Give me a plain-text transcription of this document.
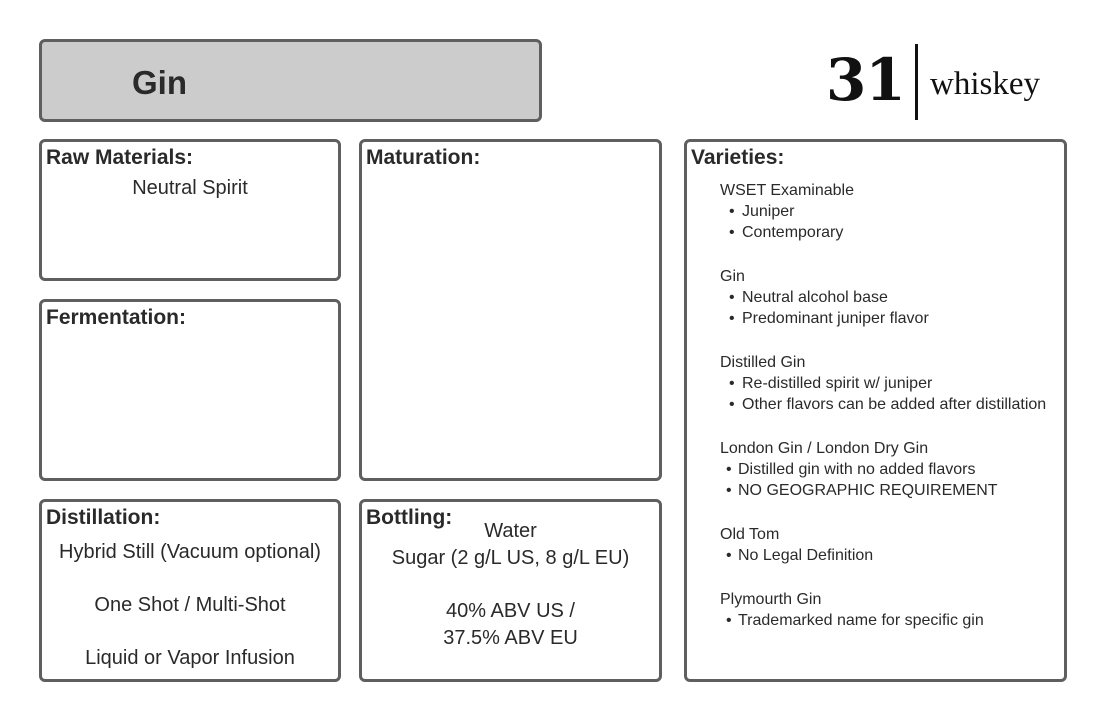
Gin	31 whiskey
Raw Materials:
Neutral Spirit
Fermentation:
Distillation:
Hybrid Still (Vacuum optional)
One Shot / Multi-Shot
Liquid or Vapor Infusion
Maturation:
Bottling:
Water
Sugar (2 g/L US, 8 g/L EU)
40% ABV US /
37.5% ABV EU
Varieties:
WSET Examinable
• Juniper
• Contemporary
Gin
• Neutral alcohol base
• Predominant juniper flavor
Distilled Gin
• Re-distilled spirit w/ juniper
• Other flavors can be added after distillation
London Gin / London Dry Gin
• Distilled gin with no added flavors
• NO GEOGRAPHIC REQUIREMENT
Old Tom
• No Legal Definition
Plymourth Gin
• Trademarked name for specific gin
